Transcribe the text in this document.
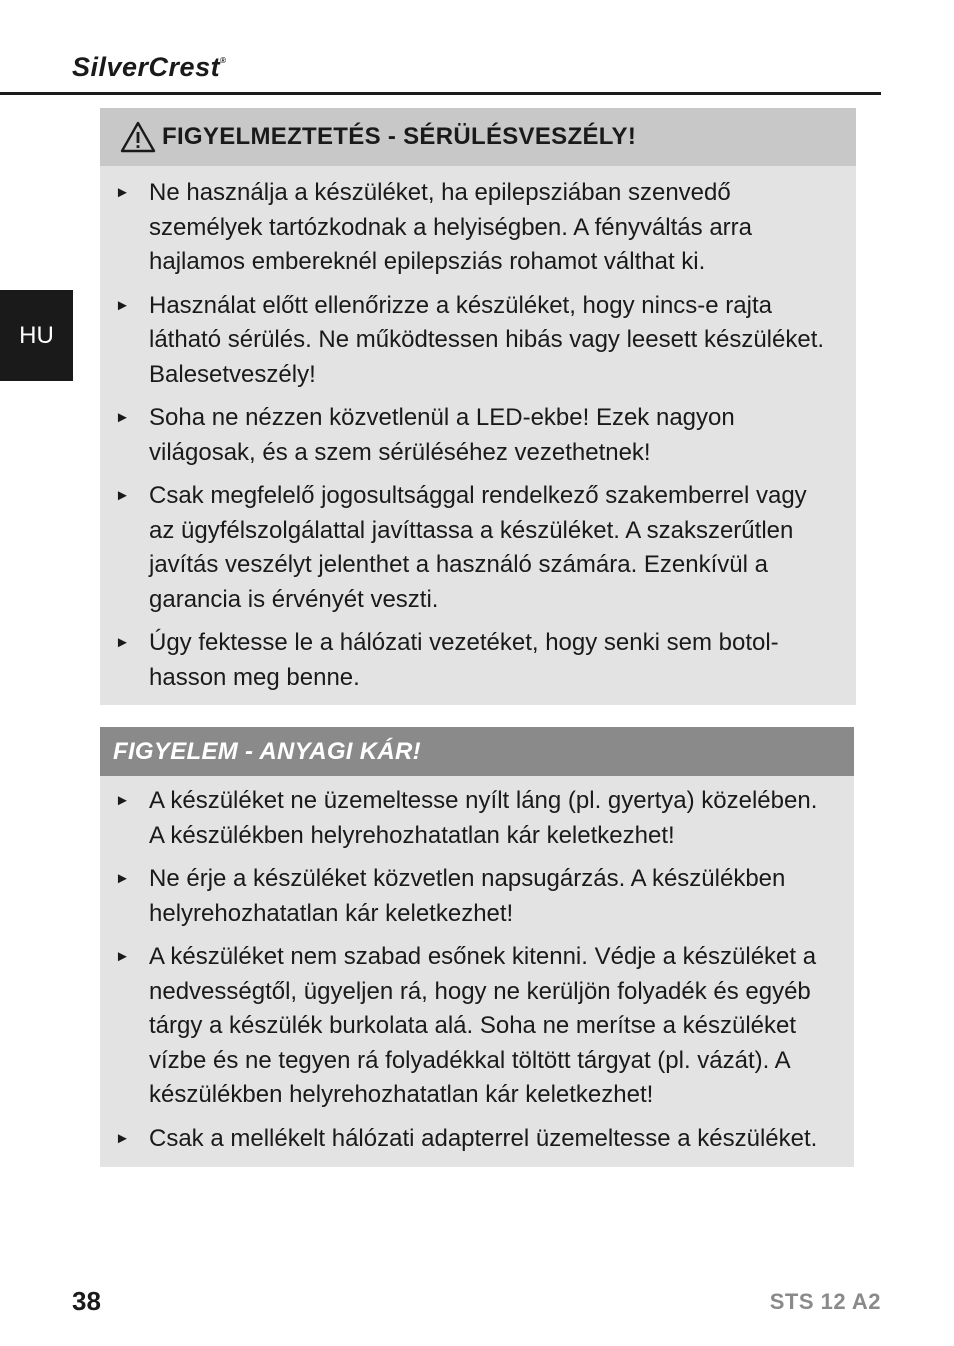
SilverCrest®
HU
FIGYELMEZTETÉS - SÉRÜLÉSVESZÉLY!
► Ne használja a készüléket, ha epilepsziában szenvedő személyek tartózkodnak a helyiségben. A fényváltás arra hajlamos embereknél epilepsziás rohamot válthat ki.
► Használat előtt ellenőrizze a készüléket, hogy nincs-e rajta látható sérülés. Ne működtessen hibás vagy leesett készüléket. Balesetveszély!
► Soha ne nézzen közvetlenül a LED-ekbe! Ezek nagyon világosak, és a szem sérüléséhez vezethetnek!
► Csak megfelelő jogosultsággal rendelkező szakemberrel vagy az ügyfélszolgálattal javíttassa a készüléket. A szakszerűtlen javítás veszélyt jelenthet a használó számára. Ezenkívül a garancia is érvényét veszti.
► Úgy fektesse le a hálózati vezetéket, hogy senki sem botol-hasson meg benne.
FIGYELEM - ANYAGI KÁR!
► A készüléket ne üzemeltesse nyílt láng (pl. gyertya) közelében. A készülékben helyrehozhatatlan kár keletkezhet!
► Ne érje a készüléket közvetlen napsugárzás. A készülékben helyrehozhatatlan kár keletkezhet!
► A készüléket nem szabad esőnek kitenni. Védje a készüléket a nedvességtől, ügyeljen rá, hogy ne kerüljön folyadék és egyéb tárgy a készülék burkolata alá. Soha ne merítse a készüléket vízbe és ne tegyen rá folyadékkal töltött tárgyat (pl. vázát). A készülékben helyrehozhatatlan kár keletkezhet!
► Csak a mellékelt hálózati adapterrel üzemeltesse a készüléket.
38	STS 12 A2
